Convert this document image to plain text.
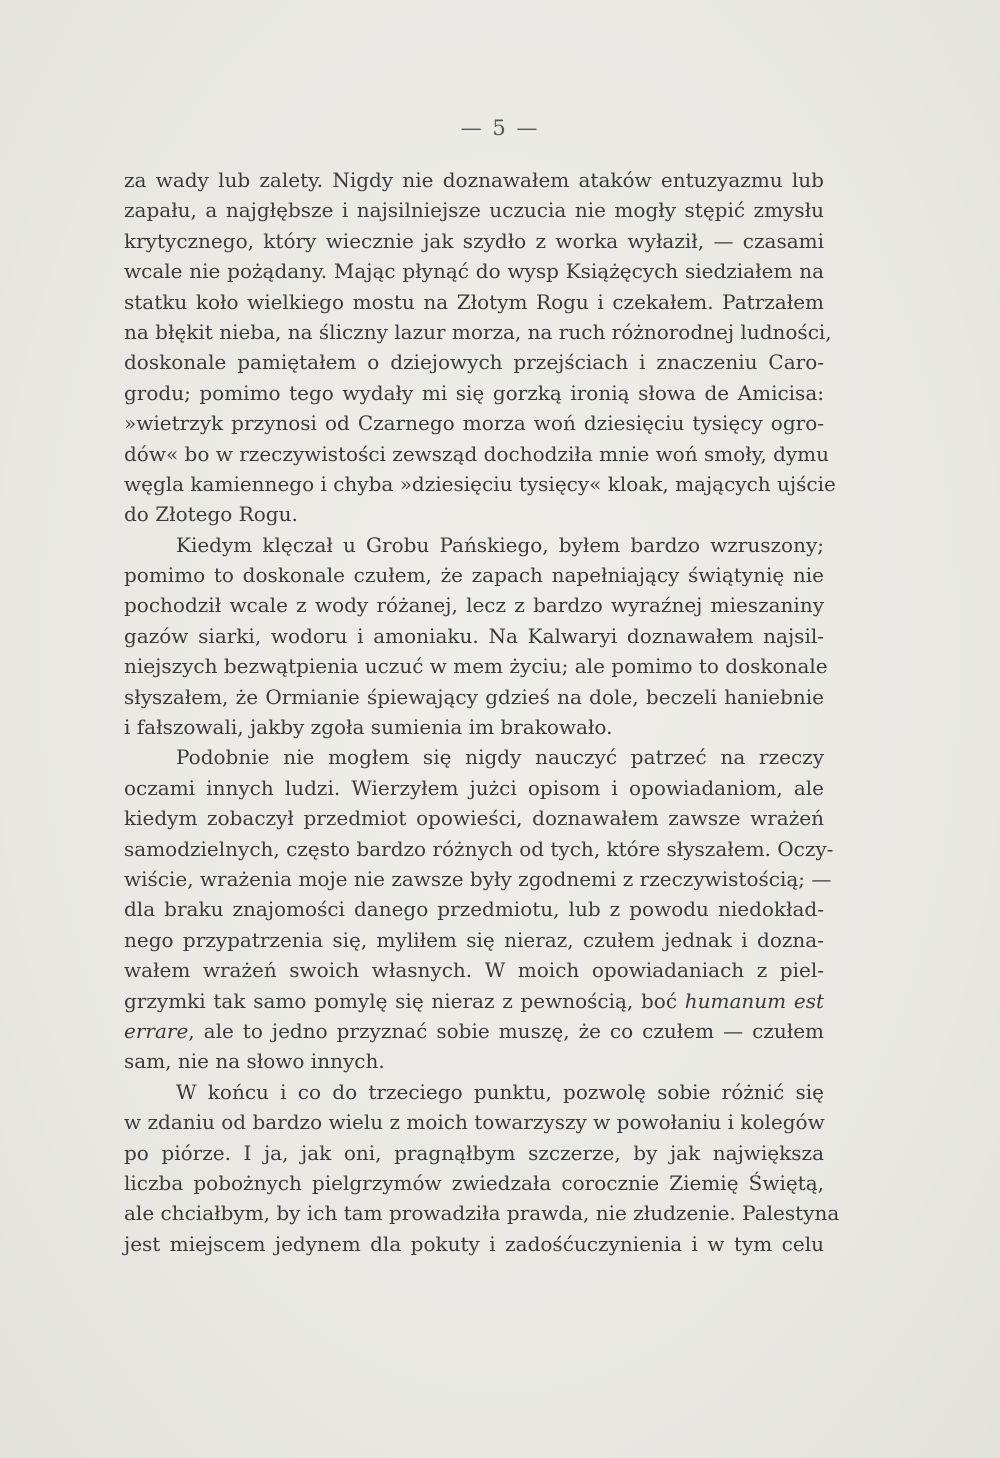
— 5 —
za wady lub zalety. Nigdy nie doznawałem ataków entuzyazmu lub
zapału, a najgłębsze i najsilniejsze uczucia nie mogły stępić zmysłu
krytycznego, który wiecznie jak szydło z worka wyłaził, — czasami
wcale nie pożądany. Mając płynąć do wysp Książęcych siedziałem na
statku koło wielkiego mostu na Złotym Rogu i czekałem. Patrzałem
na błękit nieba, na śliczny lazur morza, na ruch różnorodnej ludności,
doskonale pamiętałem o dziejowych przejściach i znaczeniu Caro-
grodu; pomimo tego wydały mi się gorzką ironią słowa de Amicisa:
»wietrzyk przynosi od Czarnego morza woń dziesięciu tysięcy ogro-
dów« bo w rzeczywistości zewsząd dochodziła mnie woń smoły, dymu
węgla kamiennego i chyba »dziesięciu tysięcy« kloak, mających ujście
do Złotego Rogu.
Kiedym klęczał u Grobu Pańskiego, byłem bardzo wzruszony;
pomimo to doskonale czułem, że zapach napełniający świątynię nie
pochodził wcale z wody różanej, lecz z bardzo wyraźnej mieszaniny
gazów siarki, wodoru i amoniaku. Na Kalwaryi doznawałem najsil-
niejszych bezwątpienia uczuć w mem życiu; ale pomimo to doskonale
słyszałem, że Ormianie śpiewający gdzieś na dole, beczeli haniebnie
i fałszowali, jakby zgoła sumienia im brakowało.
Podobnie nie mogłem się nigdy nauczyć patrzeć na rzeczy
oczami innych ludzi. Wierzyłem jużci opisom i opowiadaniom, ale
kiedym zobaczył przedmiot opowieści, doznawałem zawsze wrażeń
samodzielnych, często bardzo różnych od tych, które słyszałem. Oczy-
wiście, wrażenia moje nie zawsze były zgodnemi z rzeczywistością; —
dla braku znajomości danego przedmiotu, lub z powodu niedokład-
nego przypatrzenia się, myliłem się nieraz, czułem jednak i dozna-
wałem wrażeń swoich własnych. W moich opowiadaniach z piel-
grzymki tak samo pomylę się nieraz z pewnością, boć humanum est
errare, ale to jedno przyznać sobie muszę, że co czułem — czułem
sam, nie na słowo innych.
W końcu i co do trzeciego punktu, pozwolę sobie różnić się
w zdaniu od bardzo wielu z moich towarzyszy w powołaniu i kolegów
po piórze. I ja, jak oni, pragnąłbym szczerze, by jak największa
liczba pobożnych pielgrzymów zwiedzała corocznie Ziemię Świętą,
ale chciałbym, by ich tam prowadziła prawda, nie złudzenie. Palestyna
jest miejscem jedynem dla pokuty i zadośćuczynienia i w tym celu
